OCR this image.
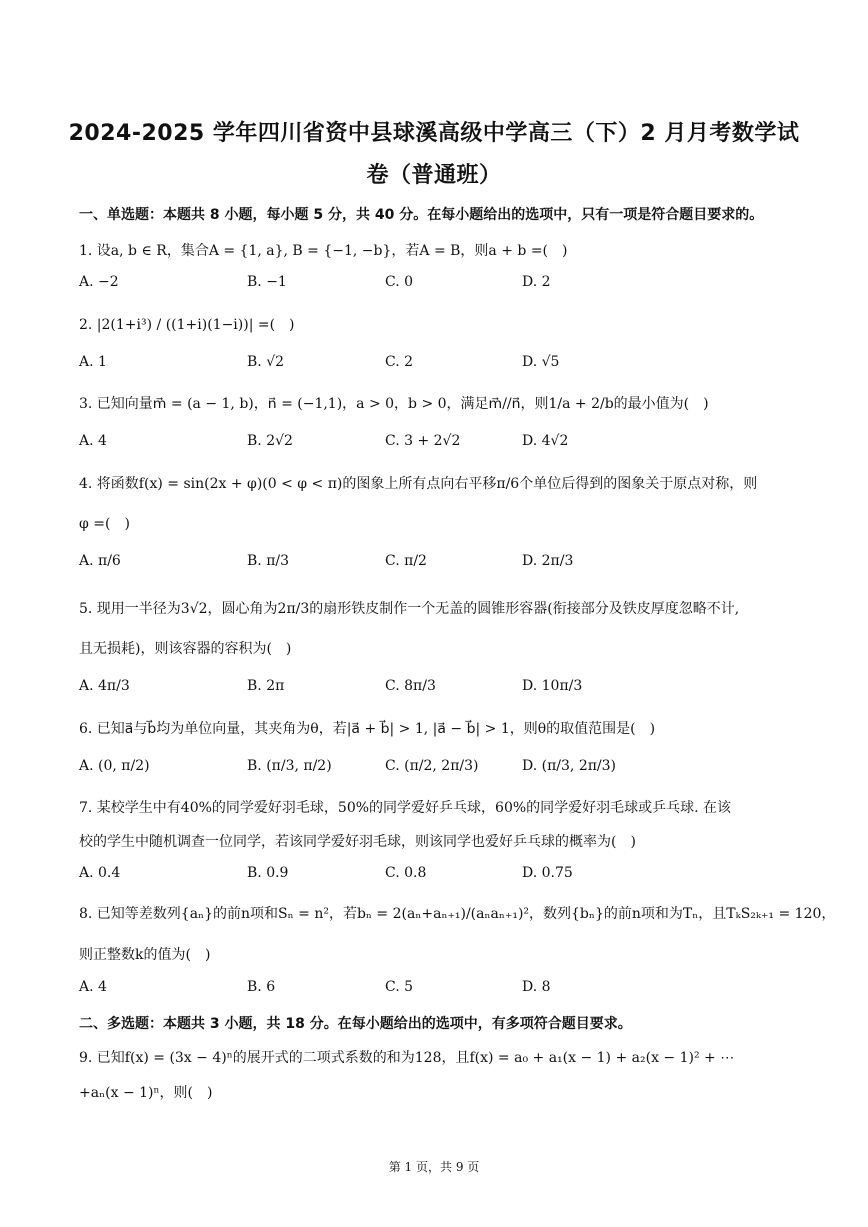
2024-2025 学年四川省资中县球溪高级中学高三（下）2 月月考数学试
卷（普通班）
一、单选题：本题共 8 小题，每小题 5 分，共 40 分。在每小题给出的选项中，只有一项是符合题目要求的。
1. 设a, b ∈ R，集合A = {1, a}, B = {−1, −b}，若A = B，则a + b =(　)
A. −2	B. −1	C. 0	D. 2
2. |2(1+i³) / ((1+i)(1−i))| =(　)
A. 1	B. √2	C. 2	D. √5
3. 已知向量m⃗ = (a − 1, b)，n⃗ = (−1,1)，a > 0，b > 0，满足m⃗//n⃗，则1/a + 2/b的最小值为(　)
A. 4	B. 2√2	C. 3 + 2√2	D. 4√2
4. 将函数f(x) = sin(2x + φ)(0 < φ < π)的图象上所有点向右平移π/6个单位后得到的图象关于原点对称，则
φ =(　)
A. π/6	B. π/3	C. π/2	D. 2π/3
5. 现用一半径为3√2，圆心角为2π/3的扇形铁皮制作一个无盖的圆锥形容器(衔接部分及铁皮厚度忽略不计,
且无损耗)，则该容器的容积为(　)
A. 4π/3	B. 2π	C. 8π/3	D. 10π/3
6. 已知a⃗与b⃗均为单位向量，其夹角为θ，若|a⃗ + b⃗| > 1, |a⃗ − b⃗| > 1，则θ的取值范围是(　)
A. (0, π/2)	B. (π/3, π/2)	C. (π/2, 2π/3)	D. (π/3, 2π/3)
7. 某校学生中有40%的同学爱好羽毛球，50%的同学爱好乒乓球，60%的同学爱好羽毛球或乒乓球. 在该
校的学生中随机调查一位同学，若该同学爱好羽毛球，则该同学也爱好乒乓球的概率为(　)
A. 0.4	B. 0.9	C. 0.8	D. 0.75
8. 已知等差数列{aₙ}的前n项和Sₙ = n²，若bₙ = 2(aₙ+aₙ₊₁)/(aₙaₙ₊₁)²，数列{bₙ}的前n项和为Tₙ，且TₖS₂ₖ₊₁ = 120，
则正整数k的值为(　)
A. 4	B. 6	C. 5	D. 8
二、多选题：本题共 3 小题，共 18 分。在每小题给出的选项中，有多项符合题目要求。
9. 已知f(x) = (3x − 4)ⁿ的展开式的二项式系数的和为128，且f(x) = a₀ + a₁(x − 1) + a₂(x − 1)² + ⋯
+aₙ(x − 1)ⁿ，则(　)
第 1 页，共 9 页
